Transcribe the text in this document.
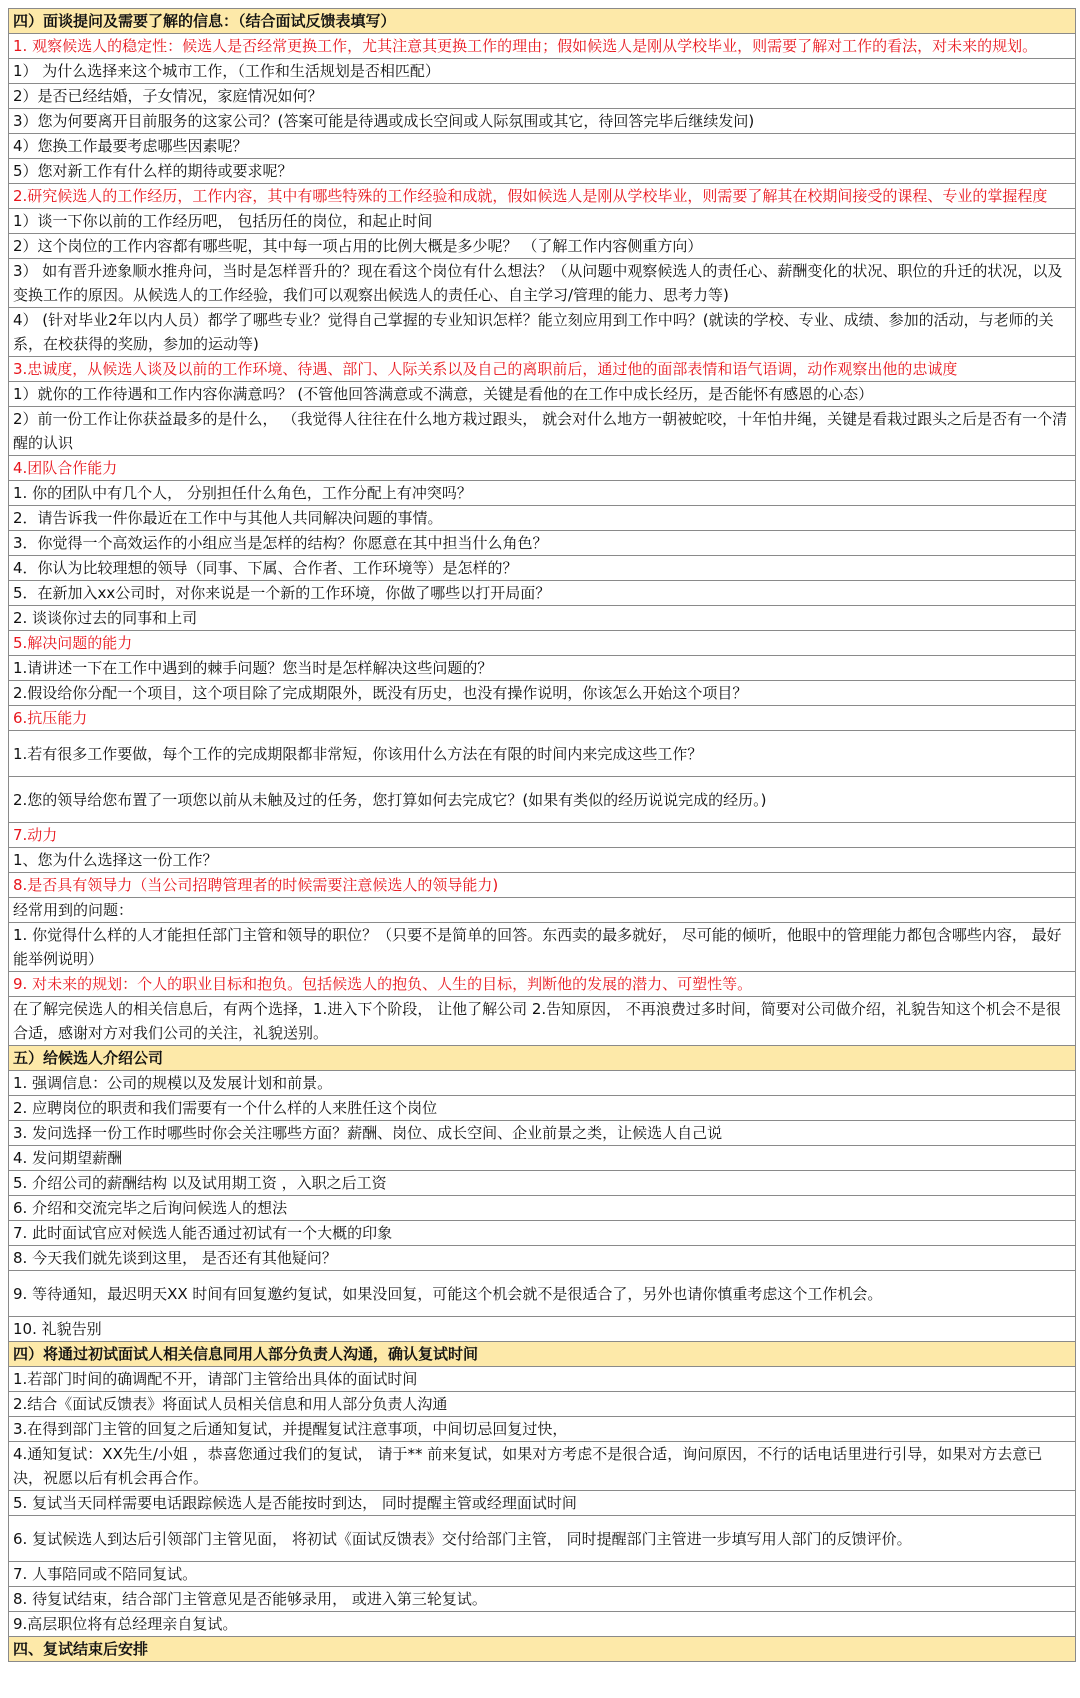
四）面谈提问及需要了解的信息：（结合面试反馈表填写）
1. 观察候选人的稳定性：候选人是否经常更换工作，尤其注意其更换工作的理由；假如候选人是刚从学校毕业，则需要了解对工作的看法，对未来的规划。
1） 为什么选择来这个城市工作，（工作和生活规划是否相匹配）
2）是否已经结婚，子女情况，家庭情况如何？
3）您为何要离开目前服务的这家公司？(答案可能是待遇或成长空间或人际氛围或其它，待回答完毕后继续发问)
4）您换工作最要考虑哪些因素呢？
5）您对新工作有什么样的期待或要求呢？
2.研究候选人的工作经历，工作内容，其中有哪些特殊的工作经验和成就，假如候选人是刚从学校毕业，则需要了解其在校期间接受的课程、专业的掌握程度
1）谈一下你以前的工作经历吧， 包括历任的岗位，和起止时间
2）这个岗位的工作内容都有哪些呢，其中每一项占用的比例大概是多少呢？ （了解工作内容侧重方向）
3） 如有晋升迹象顺水推舟问，当时是怎样晋升的？现在看这个岗位有什么想法？（从问题中观察候选人的责任心、薪酬变化的状况、职位的升迁的状况，以及变换工作的原因。从候选人的工作经验，我们可以观察出候选人的责任心、自主学习/管理的能力、思考力等)
4） (针对毕业2年以内人员）都学了哪些专业？觉得自己掌握的专业知识怎样？能立刻应用到工作中吗？(就读的学校、专业、成绩、参加的活动，与老师的关系，在校获得的奖励，参加的运动等)
3.忠诚度，从候选人谈及以前的工作环境、待遇、部门、人际关系以及自己的离职前后，通过他的面部表情和语气语调，动作观察出他的忠诚度
1）就你的工作待遇和工作内容你满意吗？ (不管他回答满意或不满意，关键是看他的在工作中成长经历，是否能怀有感恩的心态）
2）前一份工作让你获益最多的是什么， （我觉得人往往在什么地方栽过跟头， 就会对什么地方一朝被蛇咬，十年怕井绳，关键是看栽过跟头之后是否有一个清醒的认识
4.团队合作能力
1. 你的团队中有几个人， 分别担任什么角色，工作分配上有冲突吗？
2．请告诉我一件你最近在工作中与其他人共同解决问题的事情。
3．你觉得一个高效运作的小组应当是怎样的结构？你愿意在其中担当什么角色？
4．你认为比较理想的领导（同事、下属、合作者、工作环境等）是怎样的？
5．在新加入xx公司时，对你来说是一个新的工作环境，你做了哪些以打开局面？
2. 谈谈你过去的同事和上司
5.解决问题的能力
1.请讲述一下在工作中遇到的棘手问题？您当时是怎样解决这些问题的？
2.假设给你分配一个项目，这个项目除了完成期限外，既没有历史，也没有操作说明，你该怎么开始这个项目？
6.抗压能力
1.若有很多工作要做，每个工作的完成期限都非常短，你该用什么方法在有限的时间内来完成这些工作？
2.您的领导给您布置了一项您以前从未触及过的任务，您打算如何去完成它？(如果有类似的经历说说完成的经历。)
7.动力
1、您为什么选择这一份工作？
8.是否具有领导力（当公司招聘管理者的时候需要注意候选人的领导能力)
经常用到的问题：
1. 你觉得什么样的人才能担任部门主管和领导的职位？（只要不是简单的回答。东西卖的最多就好， 尽可能的倾听，他眼中的管理能力都包含哪些内容， 最好能举例说明）
9. 对未来的规划：个人的职业目标和抱负。包括候选人的抱负、人生的目标，判断他的发展的潜力、可塑性等。
在了解完侯选人的相关信息后，有两个选择，1.进入下个阶段， 让他了解公司 2.告知原因， 不再浪费过多时间，简要对公司做介绍，礼貌告知这个机会不是很合适，感谢对方对我们公司的关注，礼貌送别。
五）给候选人介绍公司
1. 强调信息：公司的规模以及发展计划和前景。
2. 应聘岗位的职责和我们需要有一个什么样的人来胜任这个岗位
3. 发问选择一份工作时哪些时你会关注哪些方面？薪酬、岗位、成长空间、企业前景之类，让候选人自己说
4. 发问期望薪酬
5. 介绍公司的薪酬结构 以及试用期工资 ，入职之后工资
6. 介绍和交流完毕之后询问候选人的想法
7. 此时面试官应对候选人能否通过初试有一个大概的印象
8. 今天我们就先谈到这里， 是否还有其他疑问？
9. 等待通知，最迟明天XX 时间有回复邀约复试，如果没回复，可能这个机会就不是很适合了，另外也请你慎重考虑这个工作机会。
10. 礼貌告别
四）将通过初试面试人相关信息同用人部分负责人沟通，确认复试时间
1.若部门时间的确调配不开，请部门主管给出具体的面试时间
2.结合《面试反馈表》将面试人员相关信息和用人部分负责人沟通
3.在得到部门主管的回复之后通知复试，并提醒复试注意事项，中间切忌回复过快，
4.通知复试：XX先生/小姐 ，恭喜您通过我们的复试， 请于** 前来复试，如果对方考虑不是很合适，询问原因，不行的话电话里进行引导，如果对方去意已决，祝愿以后有机会再合作。
5. 复试当天同样需要电话跟踪候选人是否能按时到达， 同时提醒主管或经理面试时间
6. 复试候选人到达后引领部门主管见面， 将初试《面试反馈表》交付给部门主管， 同时提醒部门主管进一步填写用人部门的反馈评价。
7. 人事陪同或不陪同复试。
8. 待复试结束，结合部门主管意见是否能够录用， 或进入第三轮复试。
9.高层职位将有总经理亲自复试。
四、复试结束后安排
